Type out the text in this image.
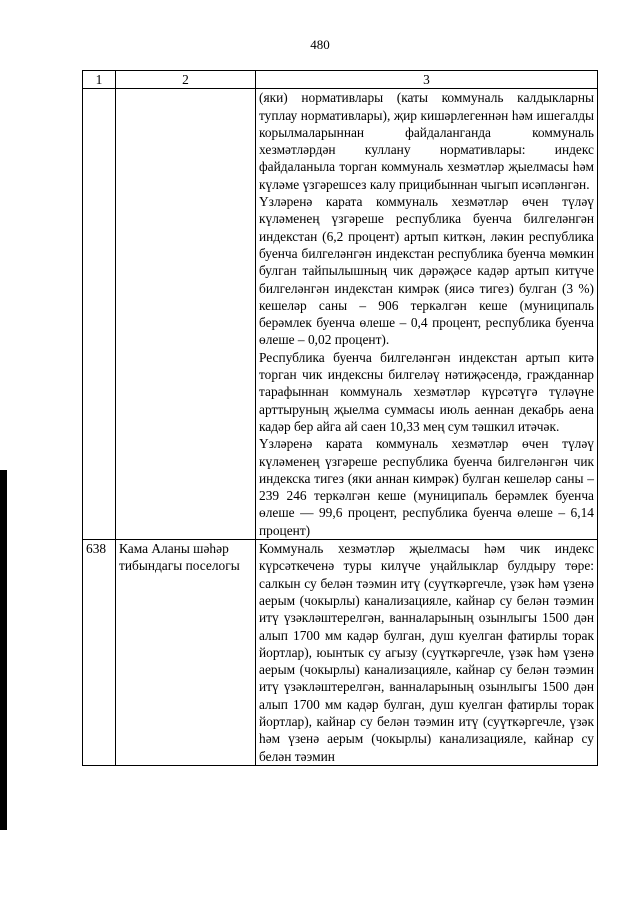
480
1	2	3

		(яки) нормативлары (каты коммуналь калдыкларны туплау нормативлары), җир кишәрлегеннән һәм ишегалды корылмаларыннан файдаланганда коммуналь хезмәтләрдән куллану нормативлары: индекс файдаланыла торган коммуналь хезмәтләр җыелмасы һәм күләме үзгәрешсез калу прицибыннан чыгып исәпләнгән.

Үзләренә карата коммуналь хезмәтләр өчен түләү күләменең үзгәреше республика буенча билгеләнгән индекстан (6,2 процент) артып киткән, ләкин республика буенча билгеләнгән индекстан республика буенча мөмкин булган тайпылышның чик дәрәҗәсе кадәр артып китүче билгеләнгән индекстан кимрәк (яисә тигез) булган (3 %) кешеләр саны – 906 теркәлгән кеше (муниципаль берәмлек буенча өлеше – 0,4 процент, республика буенча өлеше – 0,02 процент).

Республика буенча билгеләнгән индекстан артып китә торган чик индексны билгеләү нәтиҗәсендә, гражданнар тарафыннан коммуналь хезмәтләр күрсәтүгә түләүне арттыруның җыелма суммасы июль аеннан декабрь аена кадәр бер айга ай саен 10,33 мең сум тәшкил итәчәк.

Үзләренә карата коммуналь хезмәтләр өчен түләү күләменең үзгәреше республика буенча билгеләнгән чик индекска тигез (яки аннан кимрәк) булган кешеләр саны – 239 246 теркәлгән кеше (муниципаль берәмлек буенча өлеше — 99,6 процент, республика буенча өлеше – 6,14 процент)

638	Кама Аланы шәһәр тибындагы поселогы	Коммуналь хезмәтләр җыелмасы һәм чик индекс күрсәткеченә туры килүче уңайлыклар булдыру төре: салкын су белән тәэмин итү (суүткәргечле, үзәк һәм үзенә аерым (чокырлы) канализацияле, кайнар су белән тәэмин итү үзәкләштерелгән, ванналарының озынлыгы 1500 дән алып 1700 мм кадәр булган, душ куелган фатирлы торак йортлар), юынтык су агызу (суүткәргечле, үзәк һәм үзенә аерым (чокырлы) канализацияле, кайнар су белән тәэмин итү үзәкләштерелгән, ванналарының озынлыгы 1500 дән алып 1700 мм кадәр булган, душ куелган фатирлы торак йортлар), кайнар су белән тәэмин итү (суүткәргечле, үзәк һәм үзенә аерым (чокырлы) канализацияле, кайнар су белән тәэмин
